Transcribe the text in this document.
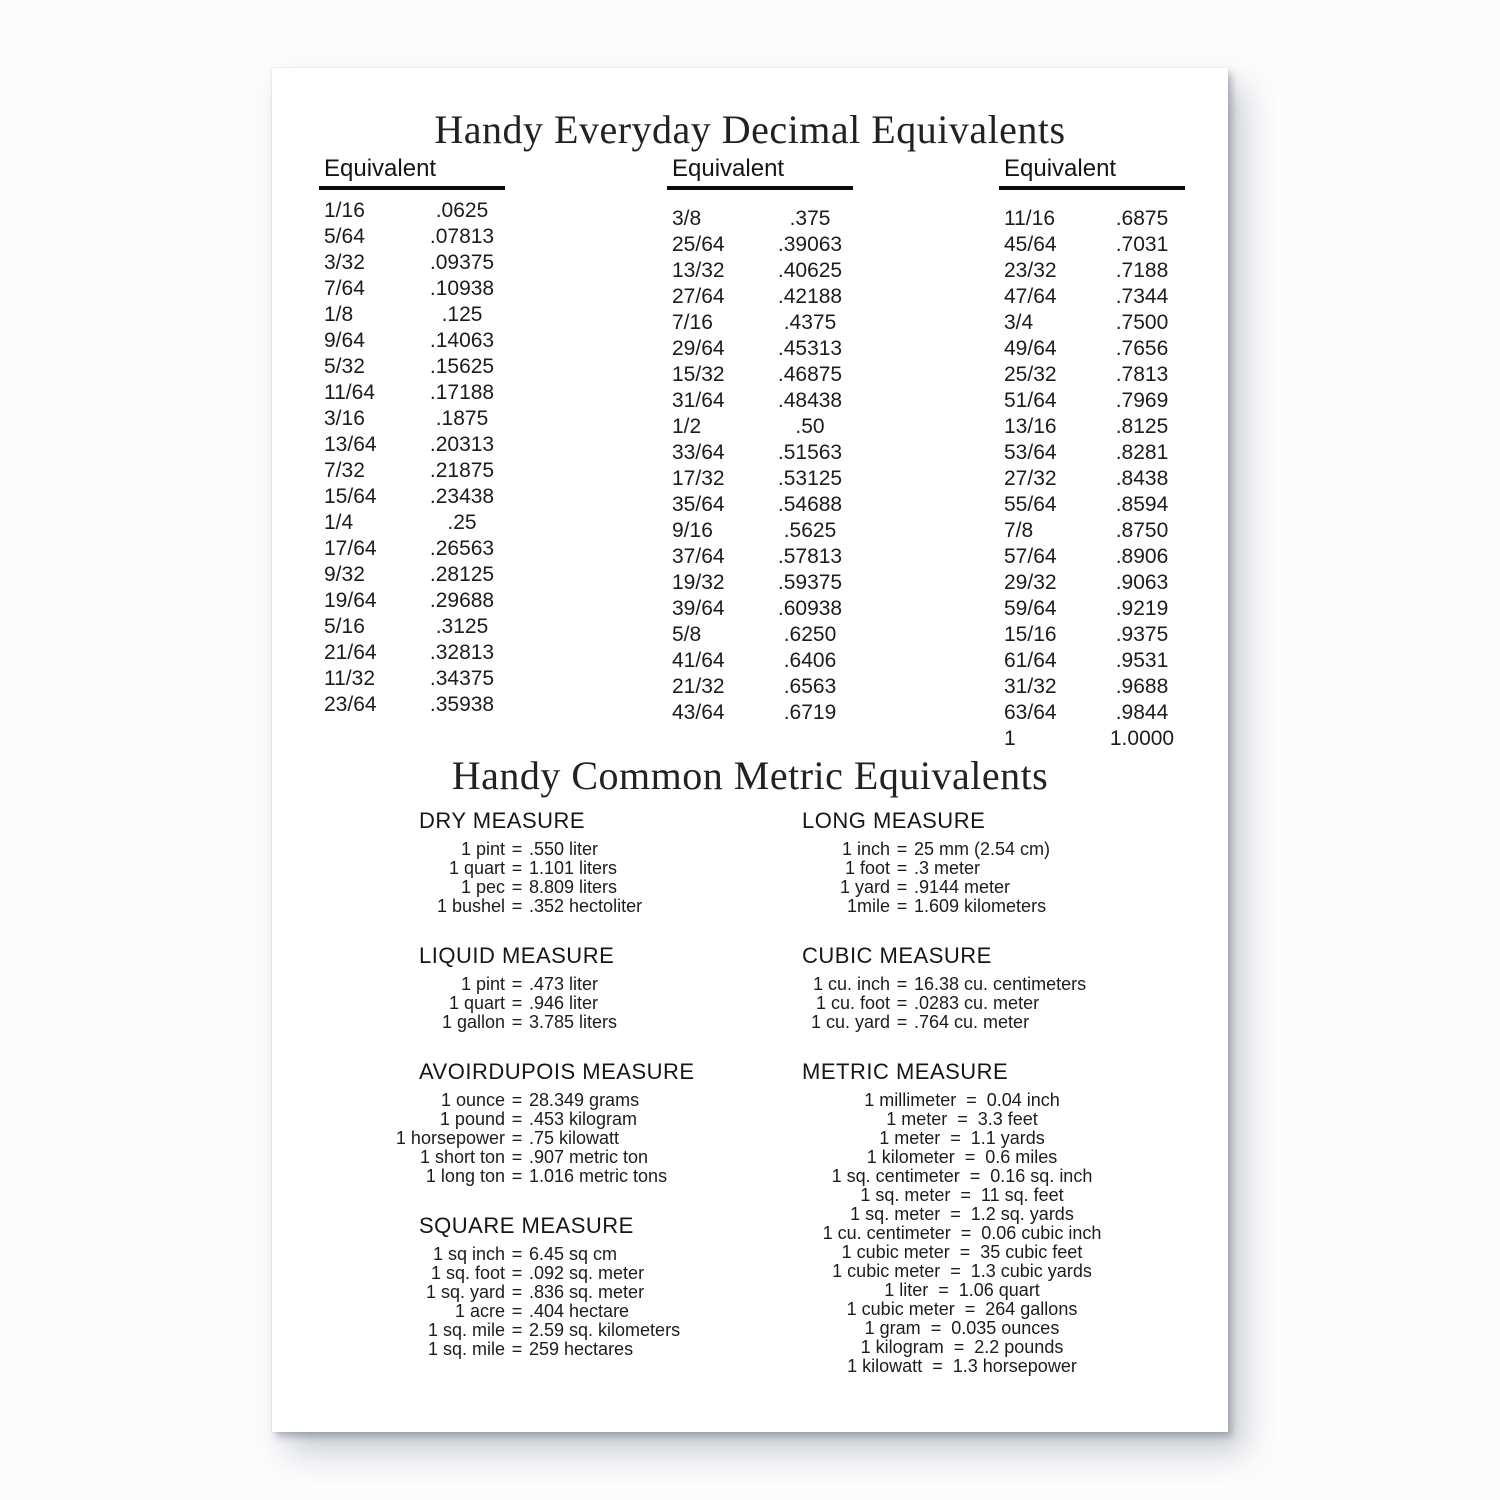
Handy Everyday Decimal Equivalents
Equivalent
1/16	.0625
5/64	.07813
3/32	.09375
7/64	.10938
1/8	.125
9/64	.14063
5/32	.15625
11/64	.17188
3/16	.1875
13/64	.20313
7/32	.21875
15/64	.23438
1/4	.25
17/64	.26563
9/32	.28125
19/64	.29688
5/16	.3125
21/64	.32813
11/32	.34375
23/64	.35938
Equivalent
3/8	.375
25/64	.39063
13/32	.40625
27/64	.42188
7/16	.4375
29/64	.45313
15/32	.46875
31/64	.48438
1/2	.50
33/64	.51563
17/32	.53125
35/64	.54688
9/16	.5625
37/64	.57813
19/32	.59375
39/64	.60938
5/8	.6250
41/64	.6406
21/32	.6563
43/64	.6719
Equivalent
11/16	.6875
45/64	.7031
23/32	.7188
47/64	.7344
3/4	.7500
49/64	.7656
25/32	.7813
51/64	.7969
13/16	.8125
53/64	.8281
27/32	.8438
55/64	.8594
7/8	.8750
57/64	.8906
29/32	.9063
59/64	.9219
15/16	.9375
61/64	.9531
31/32	.9688
63/64	.9844
1	1.0000
Handy Common Metric Equivalents
DRY MEASURE
1 pint = .550 liter
1 quart = 1.101 liters
1 pec = 8.809 liters
1 bushel = .352 hectoliter
LIQUID MEASURE
1 pint = .473 liter
1 quart = .946 liter
1 gallon = 3.785 liters
AVOIRDUPOIS MEASURE
1 ounce = 28.349 grams
1 pound = .453 kilogram
1 horsepower = .75 kilowatt
1 short ton = .907 metric ton
1 long ton = 1.016 metric tons
SQUARE MEASURE
1 sq inch = 6.45 sq cm
1 sq. foot = .092 sq. meter
1 sq. yard = .836 sq. meter
1 acre = .404 hectare
1 sq. mile = 2.59 sq. kilometers
1 sq. mile = 259 hectares
LONG MEASURE
1 inch = 25 mm (2.54 cm)
1 foot = .3 meter
1 yard = .9144 meter
1mile = 1.609 kilometers
CUBIC MEASURE
1 cu. inch = 16.38 cu. centimeters
1 cu. foot = .0283 cu. meter
1 cu. yard = .764 cu. meter
METRIC MEASURE
1 millimeter = 0.04 inch
1 meter = 3.3 feet
1 meter = 1.1 yards
1 kilometer = 0.6 miles
1 sq. centimeter = 0.16 sq. inch
1 sq. meter = 11 sq. feet
1 sq. meter = 1.2 sq. yards
1 cu. centimeter = 0.06 cubic inch
1 cubic meter = 35 cubic feet
1 cubic meter = 1.3 cubic yards
1 liter = 1.06 quart
1 cubic meter = 264 gallons
1 gram = 0.035 ounces
1 kilogram = 2.2 pounds
1 kilowatt = 1.3 horsepower
